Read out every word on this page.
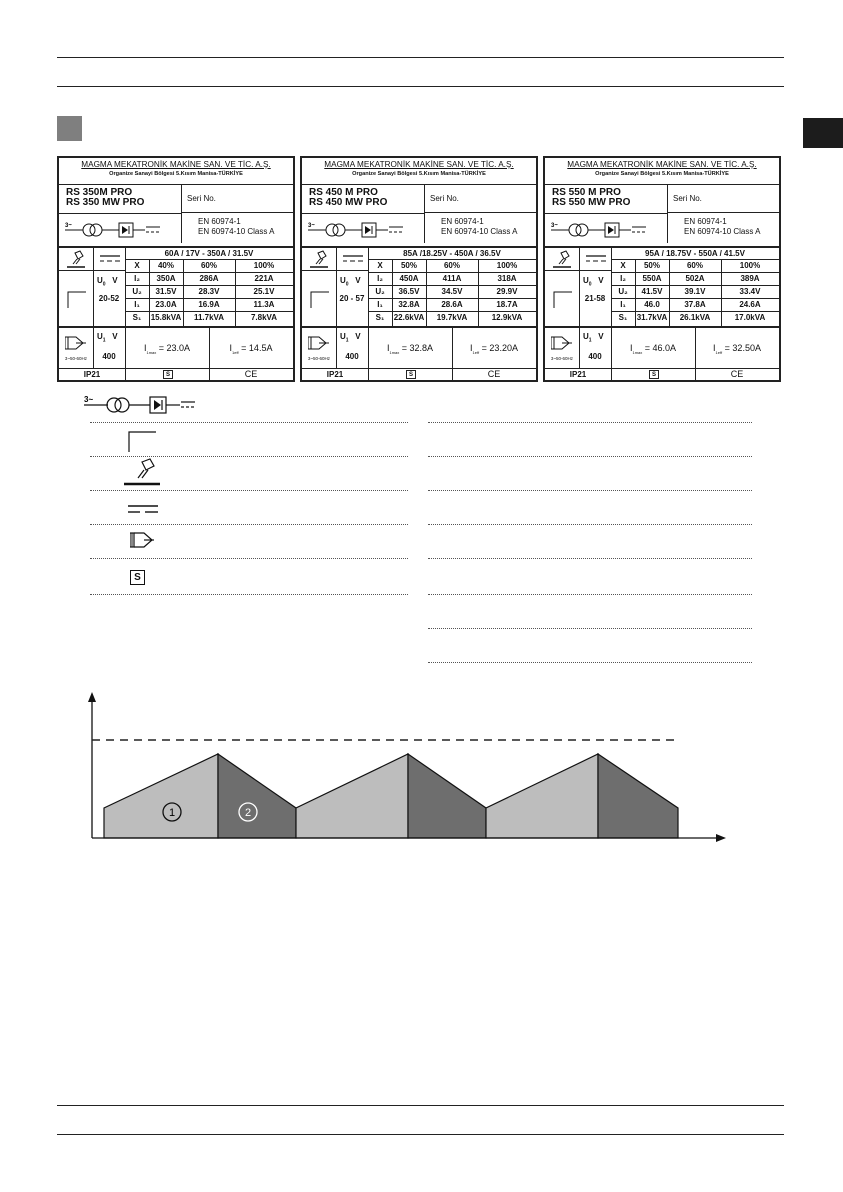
MAGMA MEKATRONİK MAKİNE SAN. VE TİC. A.Ş.
Organize Sanayi Bölgesi 5.Kısım Manisa-TÜRKİYE
RS 350M PRO
RS 350 MW PRO	Seri No.
3~	EN 60974-1
EN 60974-10 Class A
60A / 17V - 350A / 31.5V
X	40%	60%	100%
I₂	350A	286A	221A
U₂	31.5V	28.3V	25.1V
I₁	23.0A	16.9A	11.3A
S₁	15.8kVA	11.7kVA	7.8kVA
$U_0$ V
20-52
3~50-60Hz
$U_1$ V
400
$I_{1max} = 23.0A$	$I_{1eff} = 14.5A$
IP21	S	CE
MAGMA MEKATRONİK MAKİNE SAN. VE TİC. A.Ş.
Organize Sanayi Bölgesi 5.Kısım Manisa-TÜRKİYE
RS 450 M PRO
RS 450 MW PRO	Seri No.
3~	EN 60974-1
EN 60974-10 Class A
85A /18.25V - 450A / 36.5V
X	50%	60%	100%
I₂	450A	411A	318A
U₂	36.5V	34.5V	29.9V
I₁	32.8A	28.6A	18.7A
S₁	22.6kVA	19.7kVA	12.9kVA
$U_0$ V
20 - 57
3~50-60Hz
$U_1$ V
400
$I_{1max} = 32.8A$	$I_{1eff} = 23.20A$
IP21	S	CE
MAGMA MEKATRONİK MAKİNE SAN. VE TİC. A.Ş.
Organize Sanayi Bölgesi 5.Kısım Manisa-TÜRKİYE
RS 550 M PRO
RS 550 MW PRO	Seri No.
3~	EN 60974-1
EN 60974-10 Class A
95A / 18.75V - 550A / 41.5V
X	50%	60%	100%
I₂	550A	502A	389A
U₂	41.5V	39.1V	33.4V
I₁	46.0	37.8A	24.6A
S₁	31.7kVA	26.1kVA	17.0kVA
$U_0$ V
21-58
3~50-60Hz
$U_1$ V
400
$I_{1max} = 46.0A$	$I_{1eff} = 32.50A$
IP21	S	CE
3~
S
1	2
